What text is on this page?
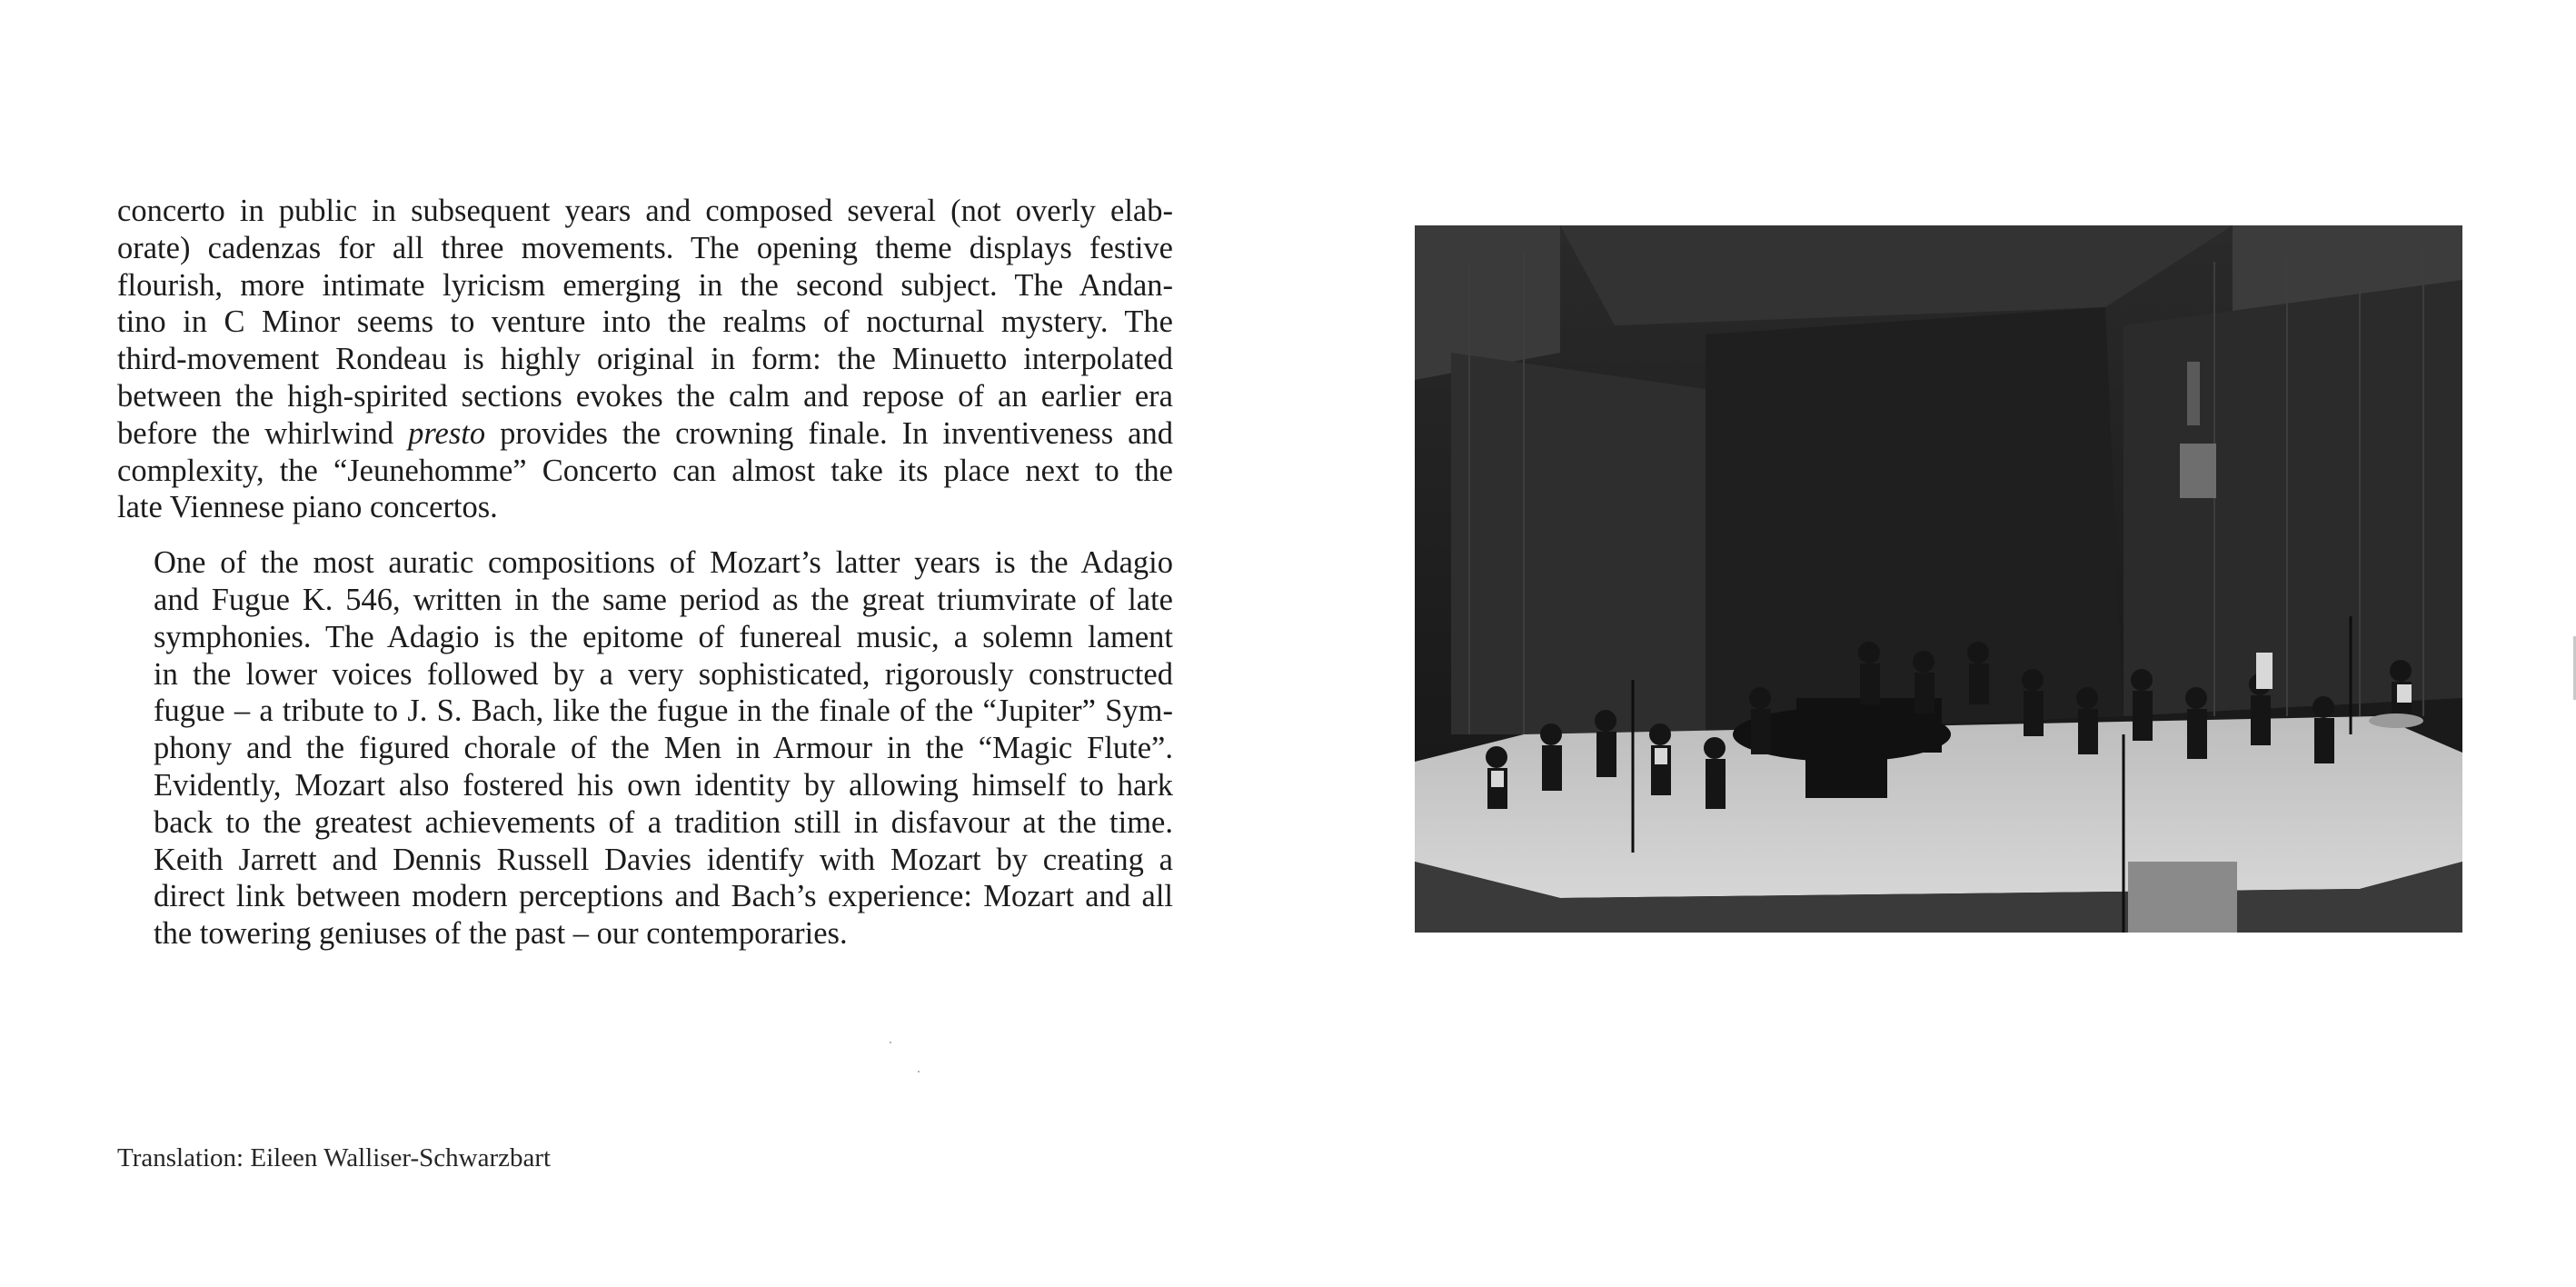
concerto in public in subsequent years and composed several (not overly elab-
orate) cadenzas for all three movements. The opening theme displays festive
flourish, more intimate lyricism emerging in the second subject. The Andan-
tino in C Minor seems to venture into the realms of nocturnal mystery. The
third-movement Rondeau is highly original in form: the Minuetto interpolated
between the high-spirited sections evokes the calm and repose of an earlier era
before the whirlwind presto provides the crowning finale. In inventiveness and
complexity, the “Jeunehomme” Concerto can almost take its place next to the
late Viennese piano concertos.

One of the most auratic compositions of Mozart’s latter years is the Adagio
and Fugue K. 546, written in the same period as the great triumvirate of late
symphonies. The Adagio is the epitome of funereal music, a solemn lament
in the lower voices followed by a very sophisticated, rigorously constructed
fugue – a tribute to J. S. Bach, like the fugue in the finale of the “Jupiter” Sym-
phony and the figured chorale of the Men in Armour in the “Magic Flute”.
Evidently, Mozart also fostered his own identity by allowing himself to hark
back to the greatest achievements of a tradition still in disfavour at the time.
Keith Jarrett and Dennis Russell Davies identify with Mozart by creating a
direct link between modern perceptions and Bach’s experience: Mozart and all
the towering geniuses of the past – our contemporaries.

Translation: Eileen Walliser-Schwarzbart
